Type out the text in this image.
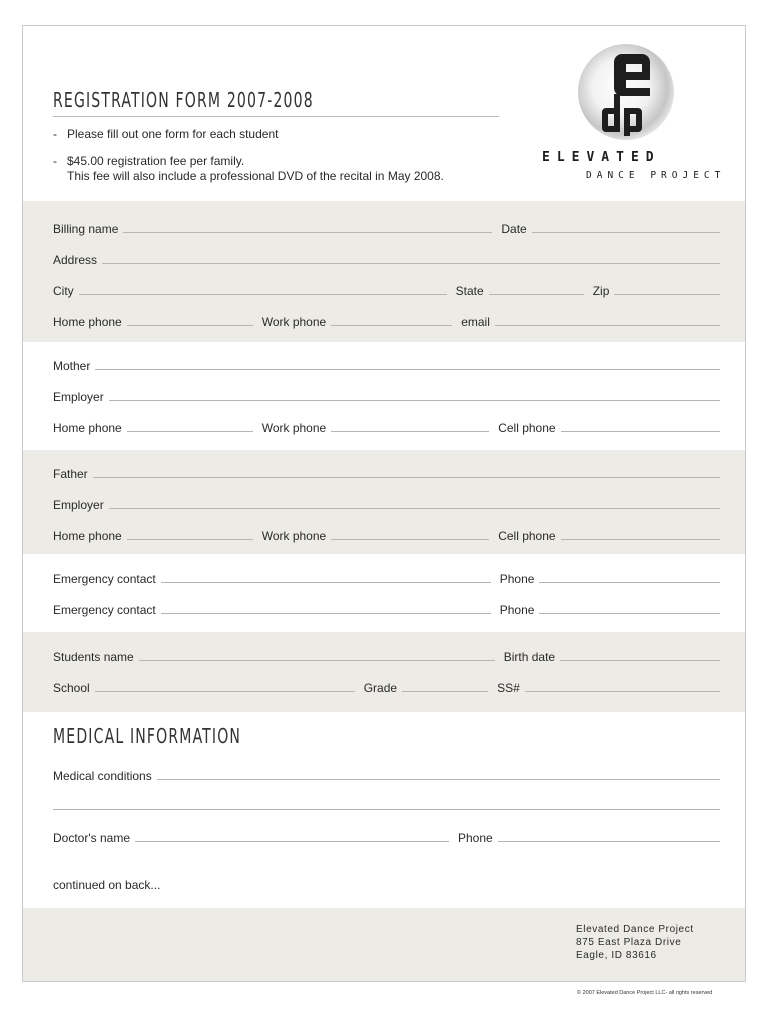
REGISTRATION FORM 2007-2008
- Please fill out one form for each student
- $45.00 registration fee per family.
This fee will also include a professional DVD of the recital in May 2008.
ELEVATED
DANCE PROJECT
Billing name	Date
Address
City	State	Zip
Home phone	Work phone	email
Mother
Employer
Home phone	Work phone	Cell phone
Father
Employer
Home phone	Work phone	Cell phone
Emergency contact	Phone
Emergency contact	Phone
Students name	Birth date
School	Grade	SS#
MEDICAL INFORMATION
Medical conditions
Doctor's name	Phone
continued on back...
Elevated Dance Project
875 East Plaza Drive
Eagle, ID 83616
© 2007 Elevated Dance Project LLC- all rights reserved
